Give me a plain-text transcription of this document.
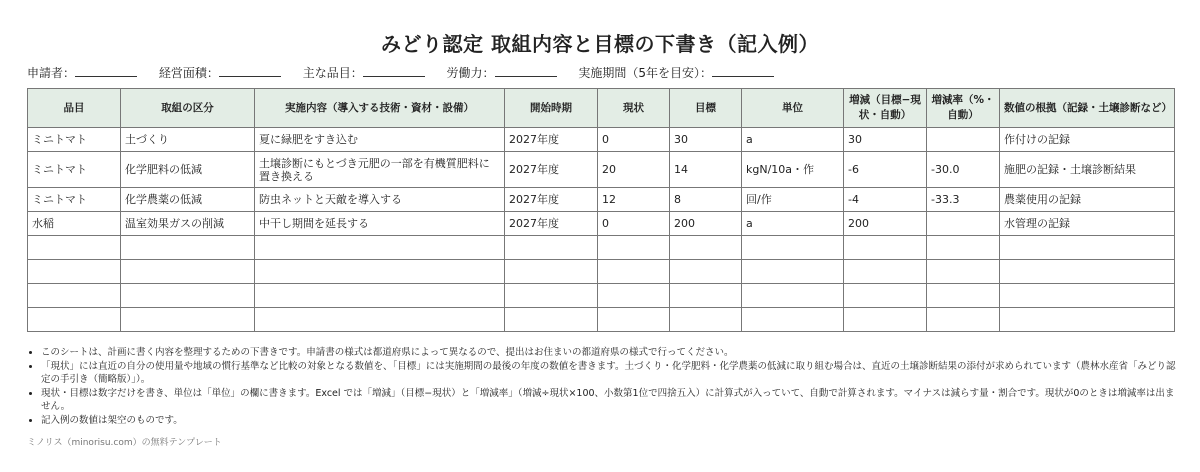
みどり認定 取組内容と目標の下書き（記入例）
申請者：	経営面積：	主な品目：	労働力：	実施期間（5年を目安）：
品目	取組の区分	実施内容（導入する技術・資材・設備）	開始時期	現状	目標	単位	増減（目標−現状・自動）	増減率（%・自動）	数値の根拠（記録・土壌診断など）
ミニトマト	土づくり	夏に緑肥をすき込む	2027年度	0	30	a	30		作付けの記録
ミニトマト	化学肥料の低減	土壌診断にもとづき元肥の一部を有機質肥料に置き換える	2027年度	20	14	kgN/10a・作	-6	-30.0	施肥の記録・土壌診断結果
ミニトマト	化学農薬の低減	防虫ネットと天敵を導入する	2027年度	12	8	回/作	-4	-33.3	農薬使用の記録
水稲	温室効果ガスの削減	中干し期間を延長する	2027年度	0	200	a	200		水管理の記録

• このシートは、計画に書く内容を整理するための下書きです。申請書の様式は都道府県によって異なるので、提出はお住まいの都道府県の様式で行ってください。
• 「現状」には直近の自分の使用量や地域の慣行基準など比較の対象となる数値を、「目標」には実施期間の最後の年度の数値を書きます。土づくり・化学肥料・化学農薬の低減に取り組む場合は、直近の土壌診断結果の添付が求められています（農林水産省「みどり認定の手引き（簡略版）」）。
• 現状・目標は数字だけを書き、単位は「単位」の欄に書きます。Excel では「増減」（目標−現状）と「増減率」（増減÷現状×100、小数第1位で四捨五入）に計算式が入っていて、自動で計算されます。マイナスは減らす量・割合です。現状が0のときは増減率は出ません。
• 記入例の数値は架空のものです。
ミノリス（minorisu.com）の無料テンプレート
